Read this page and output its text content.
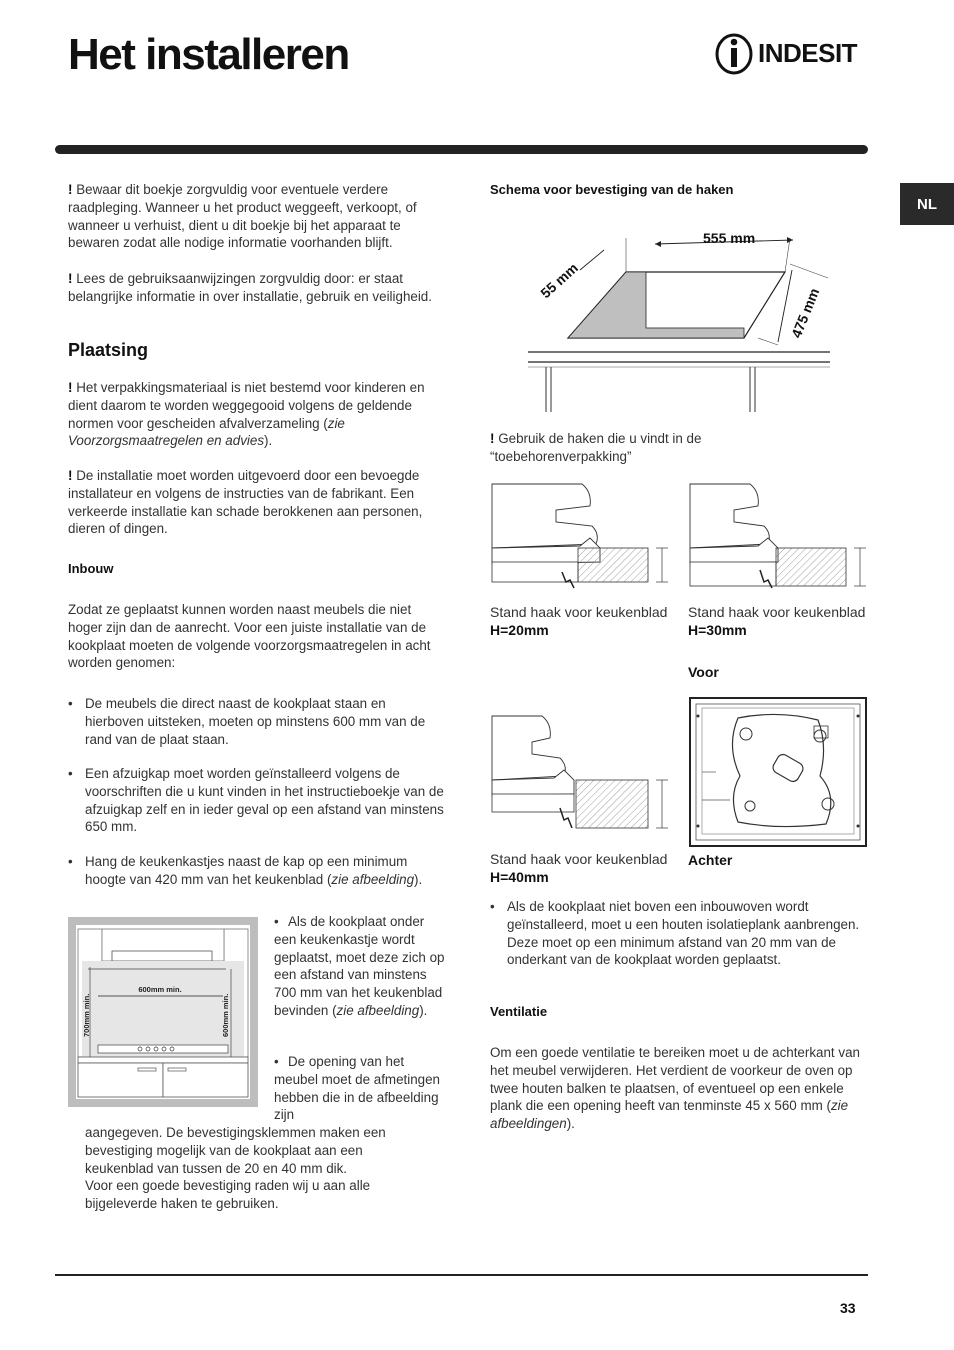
Het installeren	INDESIT
NL
! Bewaar dit boekje zorgvuldig voor eventuele verdere raadpleging. Wanneer u het product weggeeft, verkoopt, of wanneer u verhuist, dient u dit boekje bij het apparaat te bewaren zodat alle nodige informatie voorhanden blijft.
! Lees de gebruiksaanwijzingen zorgvuldig door: er staat belangrijke informatie in over installatie, gebruik en veiligheid.
Plaatsing
! Het verpakkingsmateriaal is niet bestemd voor kinderen en dient daarom te worden weggegooid volgens de geldende normen voor gescheiden afvalverzameling (zie Voorzorgsmaatregelen en advies).
! De installatie moet worden uitgevoerd door een bevoegde installateur en volgens de instructies van de fabrikant. Een verkeerde installatie kan schade berokkenen aan personen, dieren of dingen.
Inbouw
Zodat ze geplaatst kunnen worden naast meubels die niet hoger zijn dan de aanrecht. Voor een juiste installatie van de kookplaat moeten de volgende voorzorgsmaatregelen in acht worden genomen:
• De meubels die direct naast de kookplaat staan en hierboven uitsteken, moeten op minstens 600 mm van de rand van de plaat staan.
• Een afzuigkap moet worden geïnstalleerd volgens de voorschriften die u kunt vinden in het instructieboekje van de afzuigkap zelf en in ieder geval op een afstand van minstens 650 mm.
• Hang de keukenkastjes naast de kap op een minimum hoogte van 420 mm van het keukenblad (zie afbeelding).
600mm min.
700mm min.	600mm min.
• Als de kookplaat onder een keukenkastje wordt geplaatst, moet deze zich op een afstand van minstens 700 mm van het keukenblad bevinden (zie afbeelding).
• De opening van het meubel moet de afmetingen hebben die in de afbeelding zijn
aangegeven. De bevestigingsklemmen maken een bevestiging mogelijk van de kookplaat aan een keukenblad van tussen de 20 en 40 mm dik.
Voor een goede bevestiging raden wij u aan alle bijgeleverde haken te gebruiken.
Schema voor bevestiging van de haken
555 mm
55 mm
475 mm
! Gebruik de haken die u vindt in de “toebehorenverpakking”
Stand haak voor keukenblad H=20mm
Stand haak voor keukenblad H=30mm
Voor
Stand haak voor keukenblad H=40mm
Achter
• Als de kookplaat niet boven een inbouwoven wordt geïnstalleerd, moet u een houten isolatieplank aanbrengen. Deze moet op een minimum afstand van 20 mm van de onderkant van de kookplaat worden geplaatst.
Ventilatie
Om een goede ventilatie te bereiken moet u de achterkant van het meubel verwijderen. Het verdient de voorkeur de oven op twee houten balken te plaatsen, of eventueel op een enkele plank die een opening heeft van tenminste 45 x 560 mm (zie afbeeldingen).
33
